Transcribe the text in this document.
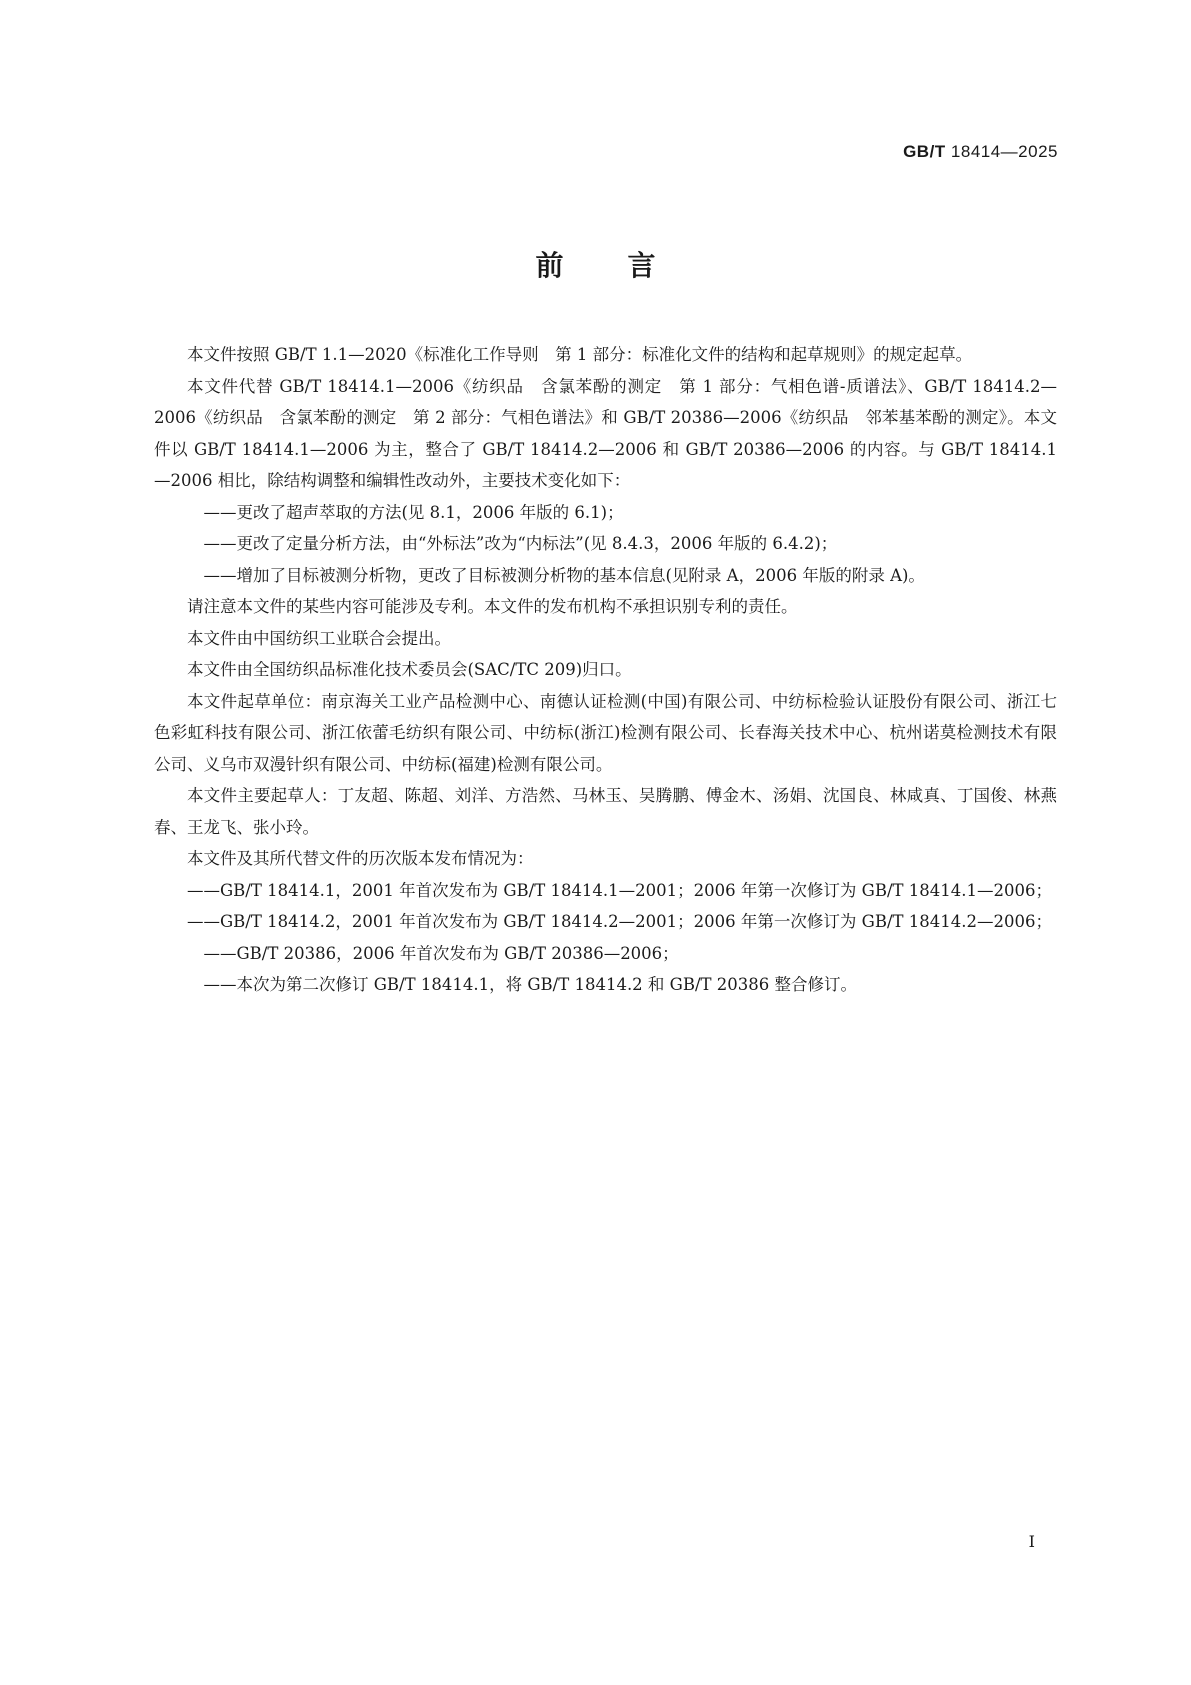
GB/T 18414—2025
前言

本文件按照 GB/T 1.1—2020《标准化工作导则　第 1 部分：标准化文件的结构和起草规则》的规定起草。

本文件代替 GB/T 18414.1—2006《纺织品　含氯苯酚的测定　第 1 部分：气相色谱-质谱法》、GB/T 18414.2—2006《纺织品　含氯苯酚的测定　第 2 部分：气相色谱法》和 GB/T 20386—2006《纺织品　邻苯基苯酚的测定》。本文件以 GB/T 18414.1—2006 为主，整合了 GB/T 18414.2—2006 和 GB/T 20386—2006 的内容。与 GB/T 18414.1—2006 相比，除结构调整和编辑性改动外，主要技术变化如下：

——更改了超声萃取的方法(见 8.1，2006 年版的 6.1)；

——更改了定量分析方法，由“外标法”改为“内标法”(见 8.4.3，2006 年版的 6.4.2)；

——增加了目标被测分析物，更改了目标被测分析物的基本信息(见附录 A，2006 年版的附录 A)。

请注意本文件的某些内容可能涉及专利。本文件的发布机构不承担识别专利的责任。

本文件由中国纺织工业联合会提出。

本文件由全国纺织品标准化技术委员会(SAC/TC 209)归口。

本文件起草单位：南京海关工业产品检测中心、南德认证检测(中国)有限公司、中纺标检验认证股份有限公司、浙江七色彩虹科技有限公司、浙江依蕾毛纺织有限公司、中纺标(浙江)检测有限公司、长春海关技术中心、杭州诺莫检测技术有限公司、义乌市双漫针织有限公司、中纺标(福建)检测有限公司。

本文件主要起草人：丁友超、陈超、刘洋、方浩然、马林玉、吴腾鹏、傅金木、汤娟、沈国良、林咸真、丁国俊、林燕春、王龙飞、张小玲。

本文件及其所代替文件的历次版本发布情况为：

——GB/T 18414.1，2001 年首次发布为 GB/T 18414.1—2001；2006 年第一次修订为 GB/T 18414.1—2006；

——GB/T 18414.2，2001 年首次发布为 GB/T 18414.2—2001；2006 年第一次修订为 GB/T 18414.2—2006；

——GB/T 20386，2006 年首次发布为 GB/T 20386—2006；

——本次为第二次修订 GB/T 18414.1，将 GB/T 18414.2 和 GB/T 20386 整合修订。

I
